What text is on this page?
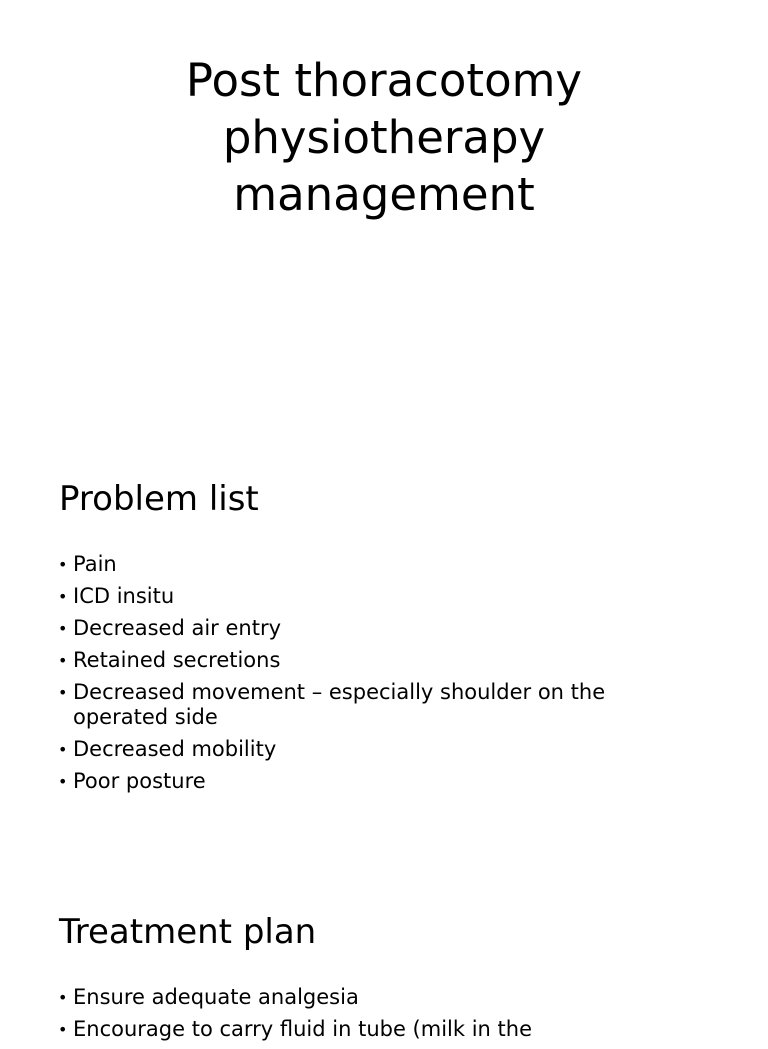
Post thoracotomy
physiotherapy
management
Problem list
• Pain
• ICD insitu
• Decreased air entry
• Retained secretions
• Decreased movement – especially shoulder on the operated side
• Decreased mobility
• Poor posture
Treatment plan
• Ensure adequate analgesia
• Encourage to carry fluid in tube (milk in the
